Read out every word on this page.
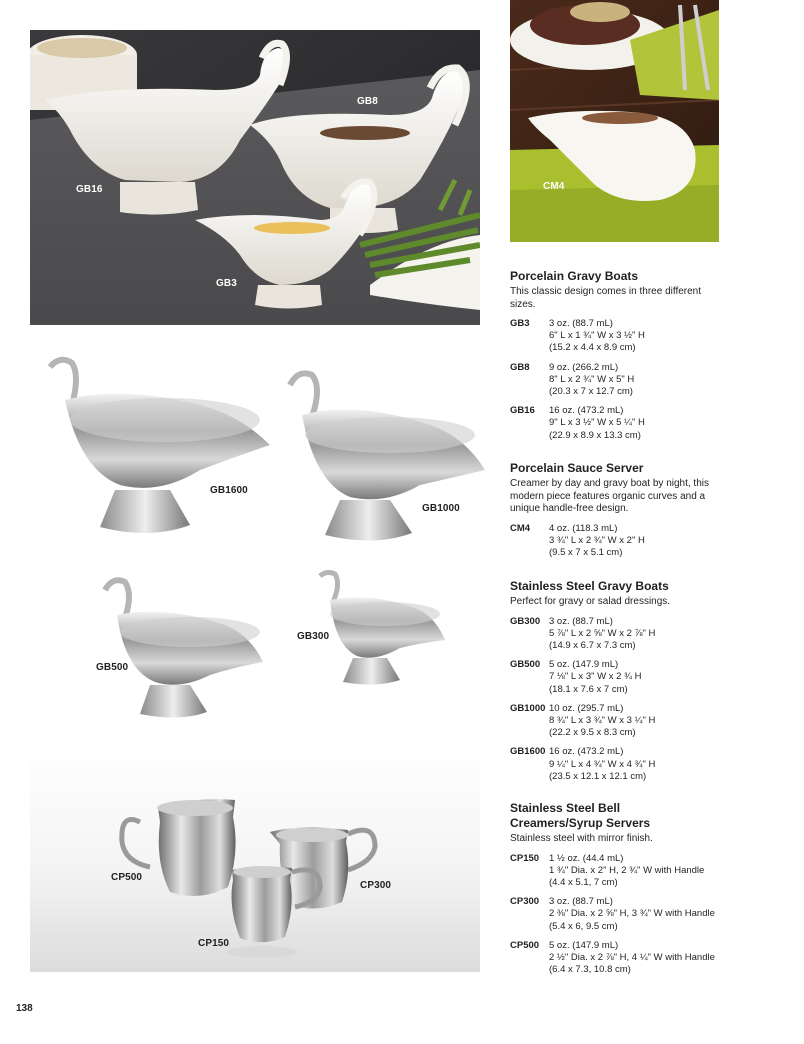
GB16
GB8
GB3
CM4
GB1600
GB1000
GB500
GB300
CP500
CP300
CP150
Porcelain Gravy Boats

This classic design comes in three different sizes.

GB3	3 oz. (88.7 mL)
6" L x 1 ¾" W x 3 ½" H
(15.2 x 4.4 x 8.9 cm)
GB8	9 oz. (266.2 mL)
8" L x 2 ¾" W x 5" H
(20.3 x 7 x 12.7 cm)
GB16	16 oz. (473.2 mL)
9" L x 3 ½" W x 5 ¼" H
(22.9 x 8.9 x 13.3 cm)
Porcelain Sauce Server

Creamer by day and gravy boat by night, this modern piece features organic curves and a unique handle-free design.

CM4	4 oz. (118.3 mL)
3 ¾" L x 2 ¾" W x 2" H
(9.5 x 7 x 5.1 cm)
Stainless Steel Gravy Boats

Perfect for gravy or salad dressings.

GB300 3 oz. (88.7 mL)
5 ⅞" L x 2 ⅝" W x 2 ⅞" H
(14.9 x 6.7 x 7.3 cm)
GB500 5 oz. (147.9 mL)
7 ⅛" L x 3" W x 2 ¾ H
(18.1 x 7.6 x 7 cm)
GB1000 10 oz. (295.7 mL)
8 ¾" L x 3 ¾" W x 3 ¼" H
(22.2 x 9.5 x 8.3 cm)
GB1600 16 oz. (473.2 mL)
9 ¼" L x 4 ¾" W x 4 ¾" H
(23.5 x 12.1 x 12.1 cm)
Stainless Steel Bell Creamers/Syrup Servers

Stainless steel with mirror finish.

CP150	1 ½ oz. (44.4 mL)
1 ¾" Dia. x 2" H, 2 ¾" W with Handle
(4.4 x 5.1, 7 cm)
CP300	3 oz. (88.7 mL)
2 ⅜" Dia. x 2 ⅝" H, 3 ¾" W with Handle
(5.4 x 6, 9.5 cm)
CP500	5 oz. (147.9 mL)
2 ½" Dia. x 2 ⅞" H, 4 ¼" W with Handle
(6.4 x 7.3, 10.8 cm)
138
